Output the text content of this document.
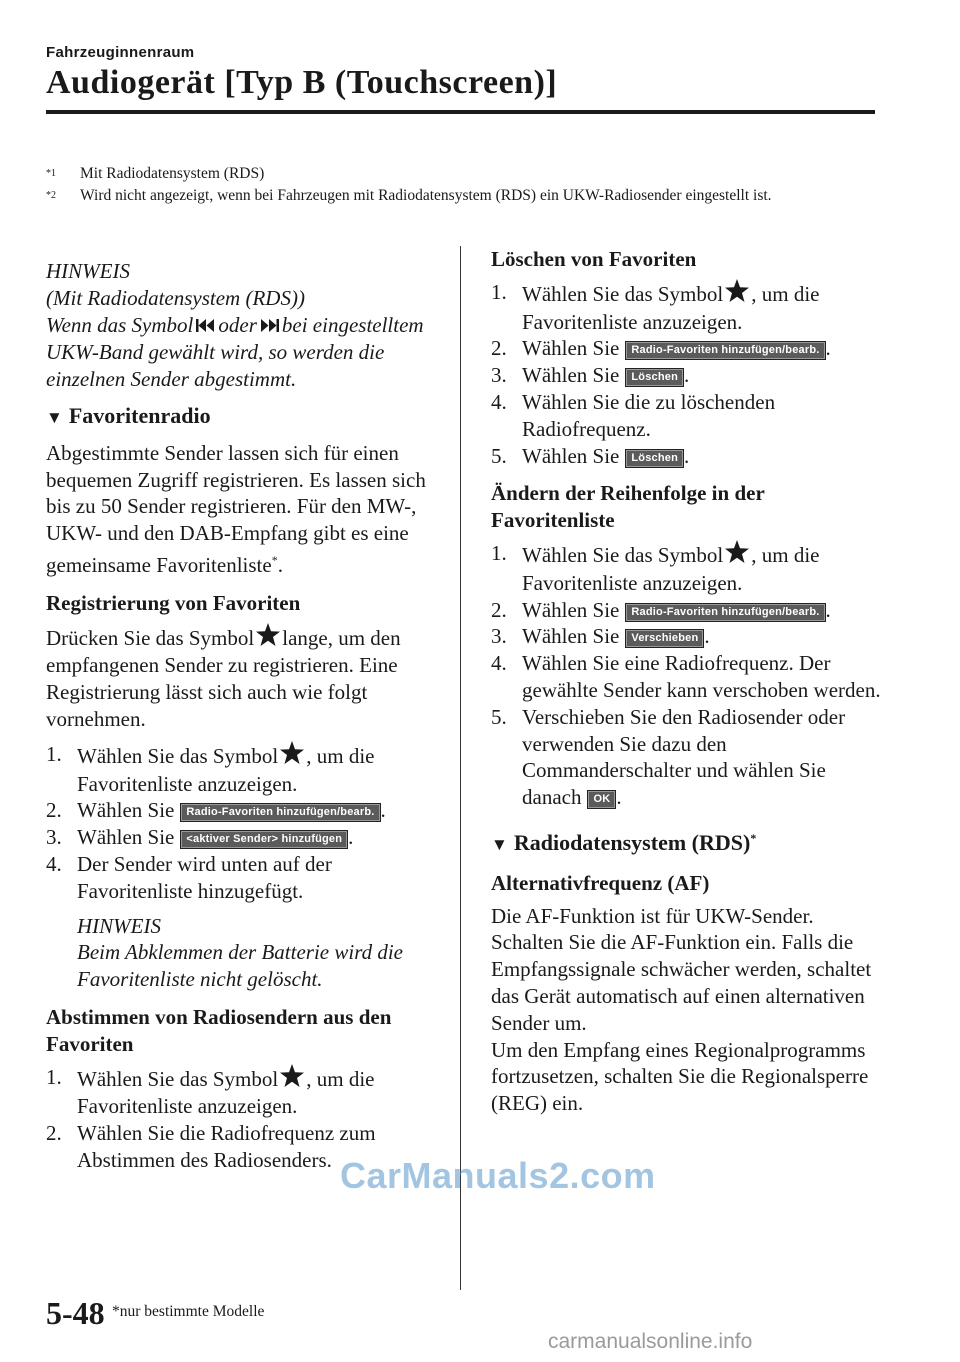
Fahrzeuginnenraum
Audiogerät [Typ B (Touchscreen)]
$^{*1}$ Mit Radiodatensystem (RDS)
$^{*2}$ Wird nicht angezeigt, wenn bei Fahrzeugen mit Radiodatensystem (RDS) ein UKW-Radiosender eingestellt ist.
HINWEIS
(Mit Radiodatensystem (RDS))

Wenn das Symbol oder bei eingestelltem UKW-Band gewählt wird, so werden die einzelnen Sender abgestimmt.

▼ Favoritenradio

Abgestimmte Sender lassen sich für einen bequemen Zugriff registrieren. Es lassen sich bis zu 50 Sender registrieren. Für den MW-, UKW- und den DAB-Empfang gibt es eine gemeinsame Favoritenliste*.

Registrierung von Favoriten

Drücken Sie das Symbol lange, um den empfangenen Sender zu registrieren. Eine Registrierung lässt sich auch wie folgt vornehmen.

1. Wählen Sie das Symbol , um die Favoritenliste anzuzeigen.
2. Wählen Sie Radio-Favoriten hinzufügen/bearb. .
3. Wählen Sie <aktiver Sender> hinzufügen .
4. Der Sender wird unten auf der Favoritenliste hinzugefügt.
HINWEIS
Beim Abklemmen der Batterie wird die Favoritenliste nicht gelöscht.
Abstimmen von Radiosendern aus den Favoriten
1. Wählen Sie das Symbol , um die Favoritenliste anzuzeigen.
2. Wählen Sie die Radiofrequenz zum Abstimmen des Radiosenders.
Löschen von Favoriten
1. Wählen Sie das Symbol , um die Favoritenliste anzuzeigen.
2. Wählen Sie Radio-Favoriten hinzufügen/bearb. .
3. Wählen Sie Löschen .
4. Wählen Sie die zu löschenden Radiofrequenz.
5. Wählen Sie Löschen .
Ändern der Reihenfolge in der Favoritenliste
1. Wählen Sie das Symbol , um die Favoritenliste anzuzeigen.
2. Wählen Sie Radio-Favoriten hinzufügen/bearb. .
3. Wählen Sie Verschieben .
4. Wählen Sie eine Radiofrequenz. Der gewählte Sender kann verschoben werden.
5. Verschieben Sie den Radiosender oder verwenden Sie dazu den Commanderschalter und wählen Sie danach OK .
▼ Radiodatensystem (RDS)*
Alternativfrequenz (AF)

Die AF-Funktion ist für UKW-Sender. Schalten Sie die AF-Funktion ein. Falls die Empfangssignale schwächer werden, schaltet das Gerät automatisch auf einen alternativen Sender um.

Um den Empfang eines Regionalprogramms fortzusetzen, schalten Sie die Regionalsperre (REG) ein.

CarManuals2.com
5-48 *nur bestimmte Modelle
carmanualsonline.info
